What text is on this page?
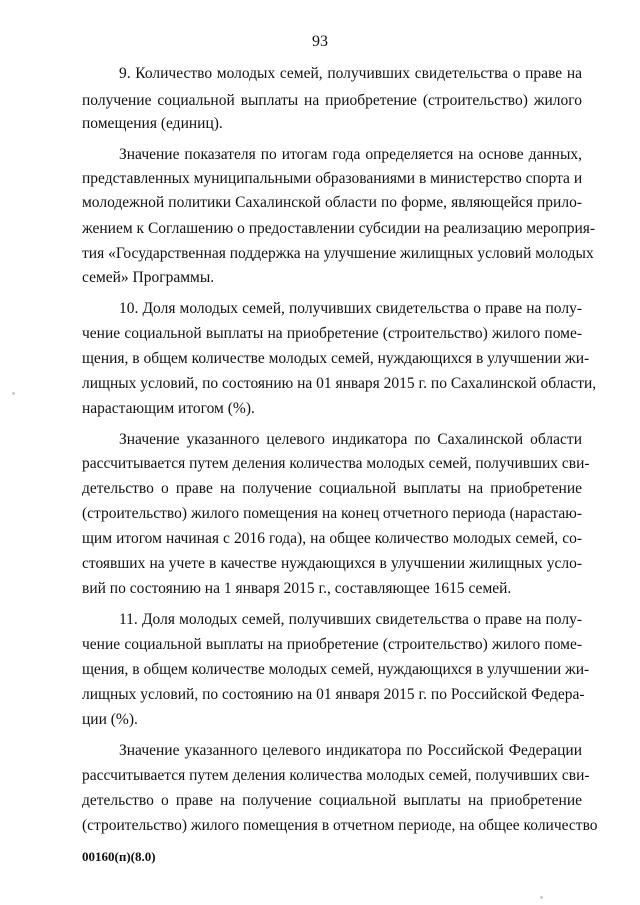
93
9. Количество молодых семей, получивших свидетельства о праве на
получение социальной выплаты на приобретение (строительство) жилого
помещения (единиц).
Значение показателя по итогам года определяется на основе данных,
представленных муниципальными образованиями в министерство спорта и
молодежной политики Сахалинской области по форме, являющейся прило-
жением к Соглашению о предоставлении субсидии на реализацию мероприя-
тия «Государственная поддержка на улучшение жилищных условий молодых
семей» Программы.
10. Доля молодых семей, получивших свидетельства о праве на полу-
чение социальной выплаты на приобретение (строительство) жилого поме-
щения, в общем количестве молодых семей, нуждающихся в улучшении жи-
лищных условий, по состоянию на 01 января 2015 г. по Сахалинской области,
нарастающим итогом (%).
Значение указанного целевого индикатора по Сахалинской области
рассчитывается путем деления количества молодых семей, получивших сви-
детельство о праве на получение социальной выплаты на приобретение
(строительство) жилого помещения на конец отчетного периода (нарастаю-
щим итогом начиная с 2016 года), на общее количество молодых семей, со-
стоявших на учете в качестве нуждающихся в улучшении жилищных усло-
вий по состоянию на 1 января 2015 г., составляющее 1615 семей.
11. Доля молодых семей, получивших свидетельства о праве на полу-
чение социальной выплаты на приобретение (строительство) жилого поме-
щения, в общем количестве молодых семей, нуждающихся в улучшении жи-
лищных условий, по состоянию на 01 января 2015 г. по Российской Федера-
ции (%).
Значение указанного целевого индикатора по Российской Федерации
рассчитывается путем деления количества молодых семей, получивших сви-
детельство о праве на получение социальной выплаты на приобретение
(строительство) жилого помещения в отчетном периоде, на общее количество
00160(п)(8.0)
